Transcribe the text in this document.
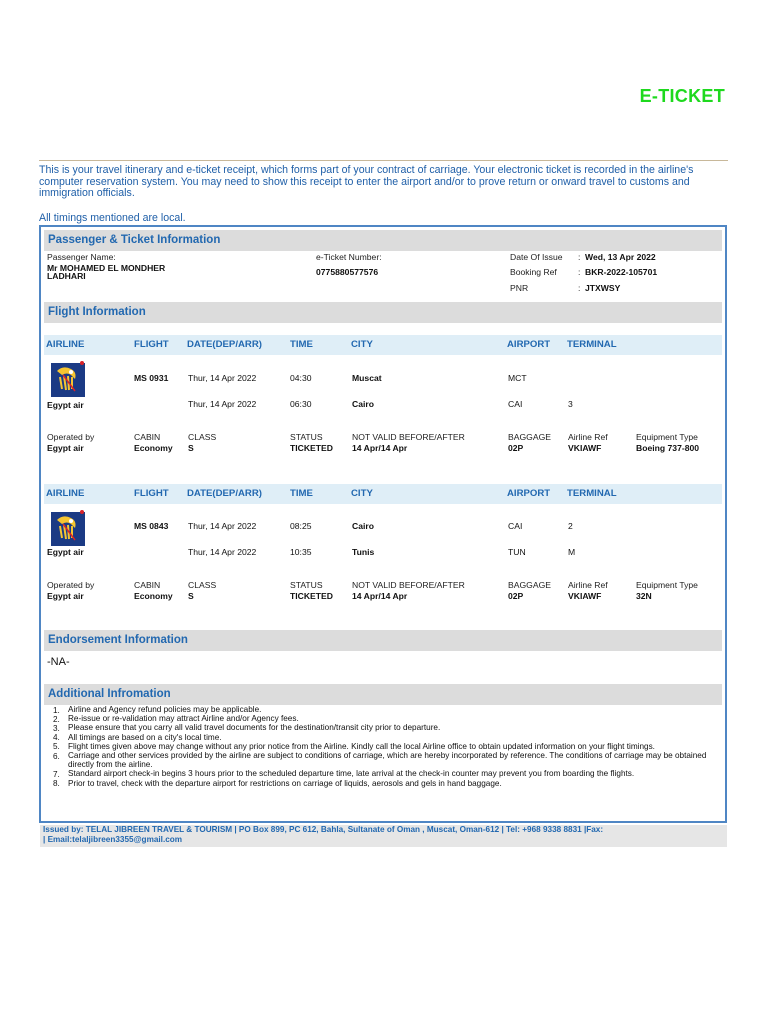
E-TICKET
This is your travel itinerary and e-ticket receipt, which forms part of your contract of carriage. Your electronic ticket is recorded in the airline's computer reservation system. You may need to show this receipt to enter the airport and/or to prove return or onward travel to customs and immigration officials.
All timings mentioned are local.
Passenger & Ticket Information
Passenger Name:
Mr MOHAMED EL MONDHER
LADHARI
e-Ticket Number:
0775880577576
Date Of Issue : Wed, 13 Apr 2022
Booking Ref : BKR-2022-105701
PNR	: JTXWSY
Flight Information
AIRLINE	FLIGHT DATE(DEP/ARR)	TIME	CITY	AIRPORT TERMINAL
Egypt air
MS 0931 Thur, 14 Apr 2022	04:30	Muscat	MCT
Thur, 14 Apr 2022	06:30	Cairo	CAI	3
Operated by
Egypt air
CABIN
Economy
CLASS
S
STATUS
TICKETED
NOT VALID BEFORE/AFTER
14 Apr/14 Apr
BAGGAGE
02P
Airline Ref
VKIAWF
Equipment Type
Boeing 737-800
AIRLINE	FLIGHT DATE(DEP/ARR)	TIME	CITY	AIRPORT TERMINAL
Egypt air
MS 0843 Thur, 14 Apr 2022	08:25	Cairo	CAI	2
Thur, 14 Apr 2022	10:35	Tunis	TUN	M
Operated by
Egypt air
CABIN
Economy
CLASS
S
STATUS
TICKETED
NOT VALID BEFORE/AFTER
14 Apr/14 Apr
BAGGAGE
02P
Airline Ref
VKIAWF
Equipment Type
32N
Endorsement Information
-NA-
Additional Infromation
1. Airline and Agency refund policies may be applicable.
2. Re-issue or re-validation may attract Airline and/or Agency fees.
3. Please ensure that you carry all valid travel documents for the destination/transit city prior to departure.
4. All timings are based on a city's local time.
5. Flight times given above may change without any prior notice from the Airline. Kindly call the local Airline office to obtain updated information on your flight timings.
6. Carriage and other services provided by the airline are subject to conditions of carriage, which are hereby incorporated by reference. The conditions of carriage may be obtained directly from the airline.
7. Standard airport check-in begins 3 hours prior to the scheduled departure time, late arrival at the check-in counter may prevent you from boarding the flights.
8. Prior to travel, check with the departure airport for restrictions on carriage of liquids, aerosols and gels in hand baggage.
Issued by: TELAL JIBREEN TRAVEL & TOURISM | PO Box 899, PC 612, Bahla, Sultanate of Oman , Muscat, Oman-612 | Tel: +968 9338 8831 |Fax:
| Email:telaljibreen3355@gmail.com
